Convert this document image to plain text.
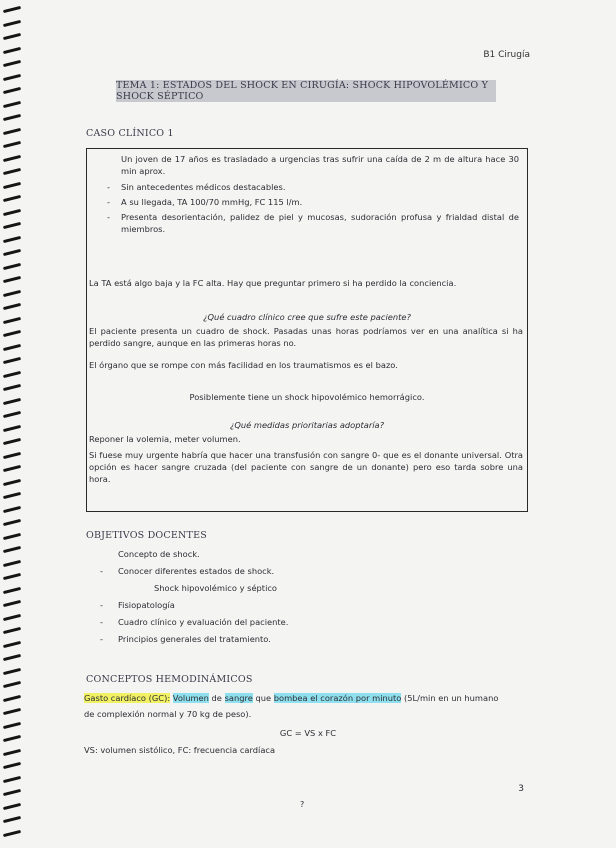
B1 Cirugía
TEMA 1: ESTADOS DEL SHOCK EN CIRUGÍA: SHOCK HIPOVOLÉMICO Y SHOCK SÉPTICO
CASO CLÍNICO 1
Un joven de 17 años es trasladado a urgencias tras sufrir una caída de 2 m de altura hace 30 min aprox.
- Sin antecedentes médicos destacables.
- A su llegada, TA 100/70 mmHg, FC 115 l/m.
- Presenta desorientación, palidez de piel y mucosas, sudoración profusa y frialdad distal de miembros.
La TA está algo baja y la FC alta. Hay que preguntar primero si ha perdido la conciencia.
¿Qué cuadro clínico cree que sufre este paciente?
El paciente presenta un cuadro de shock. Pasadas unas horas podríamos ver en una analítica si ha perdido sangre, aunque en las primeras horas no.
El órgano que se rompe con más facilidad en los traumatismos es el bazo.
Posiblemente tiene un shock hipovolémico hemorrágico.
¿Qué medidas prioritarias adoptaría?
Reponer la volemia, meter volumen.
Si fuese muy urgente habría que hacer una transfusión con sangre 0- que es el donante universal. Otra opción es hacer sangre cruzada (del paciente con sangre de un donante) pero eso tarda sobre una hora.
OBJETIVOS DOCENTES
Concepto de shock.
- Conocer diferentes estados de shock.
Shock hipovolémico y séptico
- Fisiopatología
- Cuadro clínico y evaluación del paciente.
- Principios generales del tratamiento.
CONCEPTOS HEMODINÁMICOS
Gasto cardíaco (GC): Volumen de sangre que bombea el corazón por minuto (5L/min en un humano
de complexión normal y 70 kg de peso).
GC = VS x FC
VS: volumen sistólico, FC: frecuencia cardíaca
3
?
